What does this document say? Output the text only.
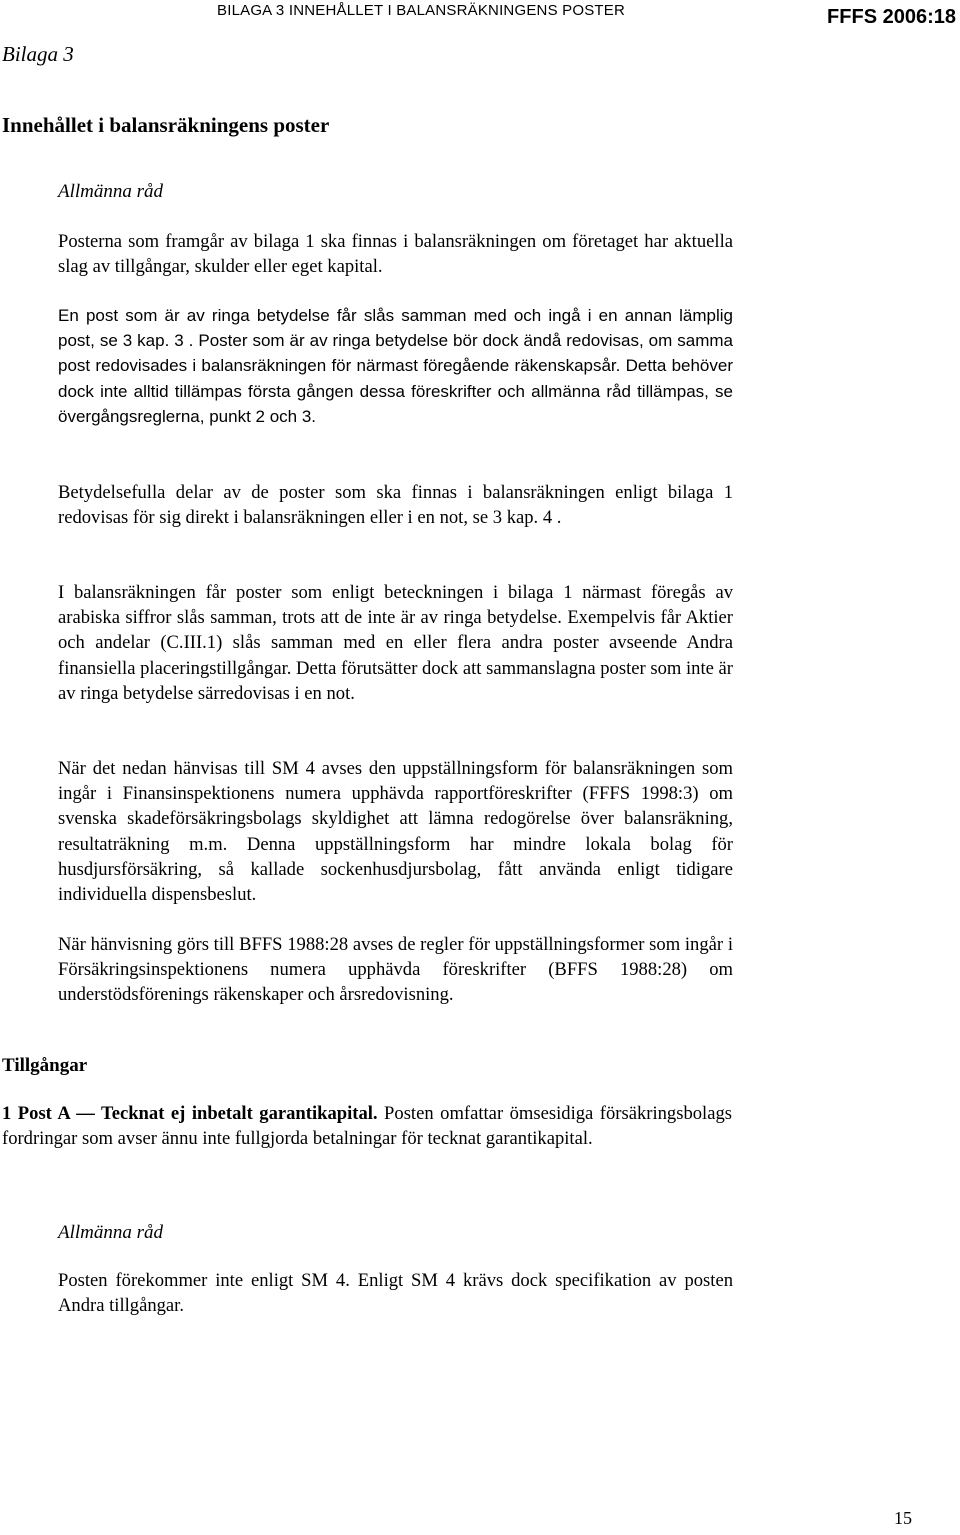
BILAGA 3 INNEHÅLLET I BALANSRÄKNINGENS POSTER	FFFS 2006:18
Bilaga 3
Innehållet i balansräkningens poster
Allmänna råd

Posterna som framgår av bilaga 1 ska finnas i balansräkningen om företaget har aktuella slag av tillgångar, skulder eller eget kapital.

En post som är av ringa betydelse får slås samman med och ingå i en annan lämplig post, se 3 kap. 3 . Poster som är av ringa betydelse bör dock ändå redovisas, om samma post redovisades i balansräkningen för närmast föregående räkenskapsår. Detta behöver dock inte alltid tillämpas första gången dessa föreskrifter och allmänna råd tillämpas, se övergångsreglerna, punkt 2 och 3.

Betydelsefulla delar av de poster som ska finnas i balansräkningen enligt bilaga 1 redovisas för sig direkt i balansräkningen eller i en not, se 3 kap. 4 .

I balansräkningen får poster som enligt beteckningen i bilaga 1 närmast föregås av arabiska siffror slås samman, trots att de inte är av ringa betydelse. Exempelvis får Aktier och andelar (C.III.1) slås samman med en eller flera andra poster avseende Andra finansiella placeringstillgångar. Detta förutsätter dock att sammanslagna poster som inte är av ringa betydelse särredovisas i en not.

När det nedan hänvisas till SM 4 avses den uppställningsform för balansräkningen som ingår i Finansinspektionens numera upphävda rapportföreskrifter (FFFS 1998:3) om svenska skadeförsäkringsbolags skyldighet att lämna redogörelse över balansräkning, resultaträkning m.m. Denna uppställningsform har mindre lokala bolag för husdjursförsäkring, så kallade sockenhusdjursbolag, fått använda enligt tidigare individuella dispensbeslut.

När hänvisning görs till BFFS 1988:28 avses de regler för uppställningsformer som ingår i Försäkringsinspektionens numera upphävda föreskrifter (BFFS 1988:28) om understödsförenings räkenskaper och årsredovisning.

Tillgångar

1 Post A — Tecknat ej inbetalt garantikapital. Posten omfattar ömsesidiga försäkringsbolags fordringar som avser ännu inte fullgjorda betalningar för tecknat garantikapital.

Allmänna råd

Posten förekommer inte enligt SM 4. Enligt SM 4 krävs dock specifikation av posten Andra tillgångar.

15
